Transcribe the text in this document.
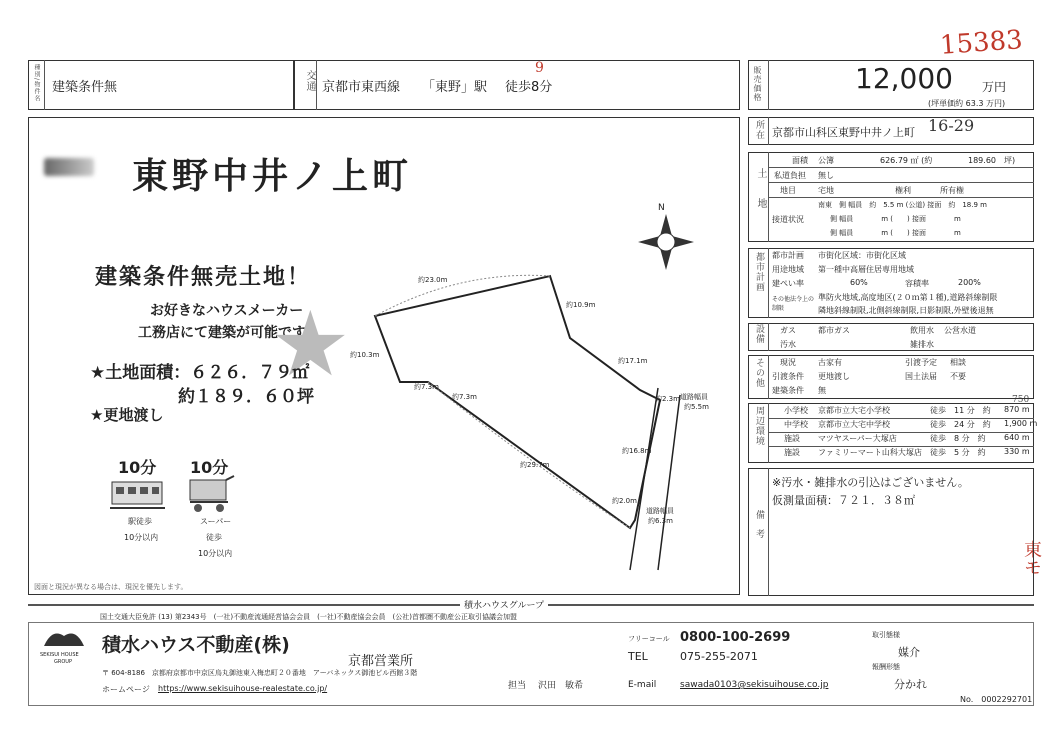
15383
9
16-29
750
東モ
種別/物件名 建築条件無	交通 京都市東西線 「東野」駅 徒歩8分	販売価格	12,000 万円
(坪単価約 63.3 万円)
東野中井ノ上町
建築条件無売土地！
お好きなハウスメーカー
工務店にて建築が可能です！
★
★土地面積：６２６．７９㎡
約１８９．６０坪
★更地渡し
10分
駅徒歩
10分以内
10分
スーパー
徒歩
10分以内
N
約23.0m
約10.9m
約10.3m
約17.1m
約7.3m
約7.3m	約2.3m 道路幅員
約5.5m
約16.8m
約29.7m
約2.0m
道路幅員
約6.3m
図面と現況が異なる場合は、現況を優先します。
所在 京都市山科区東野中井ノ上町
土地
面積 公簿	626.79 ㎡ (約	189.60　坪)
私道負担 無し
地目	宅地	権利	所有権
接道状況
南東　側 幅員　約　5.5 m (公道) 接面　約　18.9 m
側 幅員　　　　m (　　) 接面　　　　m
側 幅員　　　　m (　　) 接面　　　　m
都市計画 都市計画 市街化区域：市街化区域
用途地域 第一種中高層住居専用地域
建ぺい率	60%	容積率	200%
その他法令上の制限
準防火地域,高度地区(２０ｍ第１種),道路斜線制限
隣地斜線制限,北側斜線制限,日影制限,外壁後退無
設備 ガス	都市ガス	飲用水 公営水道
汚水	雑排水
その他 現況	古家有	引渡予定 相談
引渡条件 更地渡し	国土法届 不要
建築条件 無
周辺環境	小学校 京都市立大宅小学校	徒歩　11 分　約 870 m
中学校 京都市立大宅中学校	徒歩　24 分　約 1,900 m
施設 マツヤスーパー大塚店	徒歩　8 分　約 640 m
施設 ファミリーマート山科大塚店 徒歩　5 分　約 330 m
備考
※汚水・雑排水の引込はございません。
仮測量面積：７２１．３８㎡
積水ハウスグループ
国土交通大臣免許 (13) 第2343号　(一社)不動産流通経営協会会員　(一社)不動産協会会員　(公社)首都圏不動産公正取引協議会加盟
SEKISUI HOUSE
GROUP
積水ハウス不動産(株)
京都営業所
〒 604-8186　京都府京都市中京区烏丸御池東入梅忠町２０番地　アーバネックス御池ビル西館３階
ホームページ https://www.sekisuihouse-realestate.co.jp/	担当 沢田　敏希
フリーコール 0800-100-2699
TEL	075-255-2071
E-mail	sawada0103@sekisuihouse.co.jp
取引態様
媒介
報酬形態
分かれ
No.　0002292701
